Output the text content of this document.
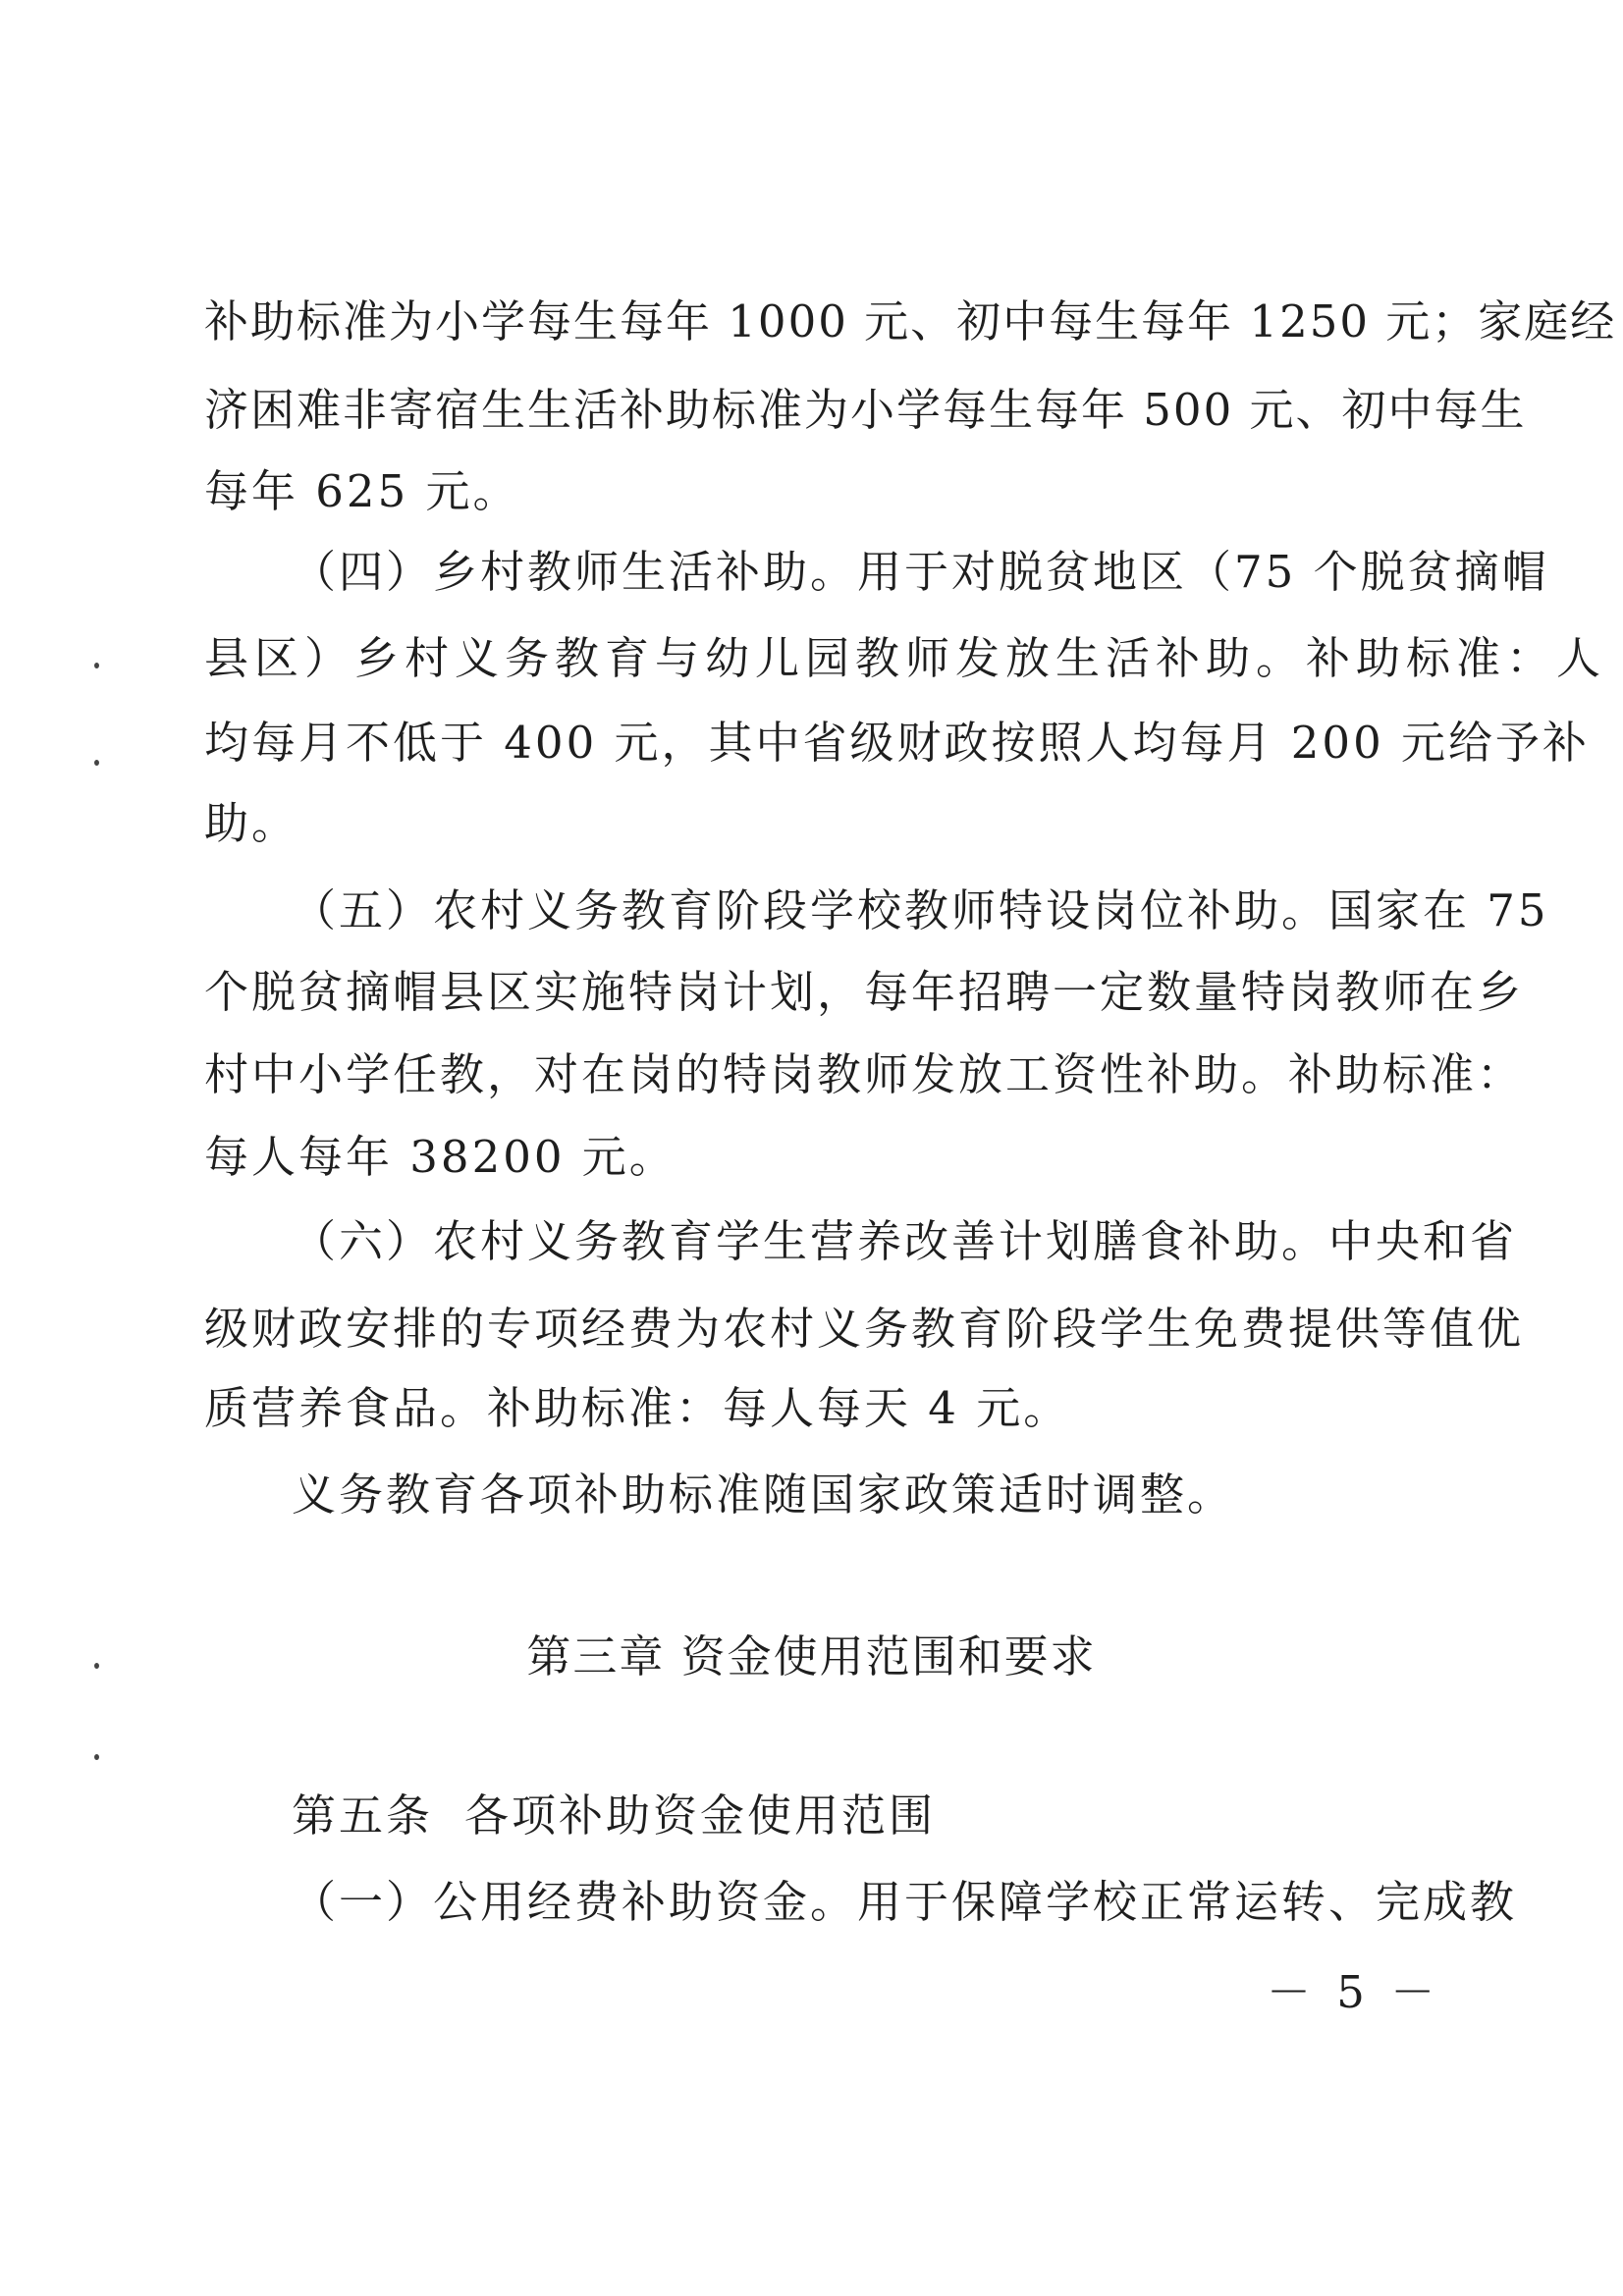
补助标准为小学每生每年 1000 元、初中每生每年 1250 元；家庭经
济困难非寄宿生生活补助标准为小学每生每年 500 元、初中每生
每年 625 元。
（四）乡村教师生活补助。用于对脱贫地区（75 个脱贫摘帽
县区）乡村义务教育与幼儿园教师发放生活补助。补助标准：人
均每月不低于 400 元，其中省级财政按照人均每月 200 元给予补
助。
（五）农村义务教育阶段学校教师特设岗位补助。国家在 75
个脱贫摘帽县区实施特岗计划，每年招聘一定数量特岗教师在乡
村中小学任教，对在岗的特岗教师发放工资性补助。补助标准：
每人每年 38200 元。
（六）农村义务教育学生营养改善计划膳食补助。中央和省
级财政安排的专项经费为农村义务教育阶段学生免费提供等值优
质营养食品。补助标准：每人每天 4 元。
义务教育各项补助标准随国家政策适时调整。
第三章 资金使用范围和要求
第五条 各项补助资金使用范围
（一）公用经费补助资金。用于保障学校正常运转、完成教
－ 5 －
